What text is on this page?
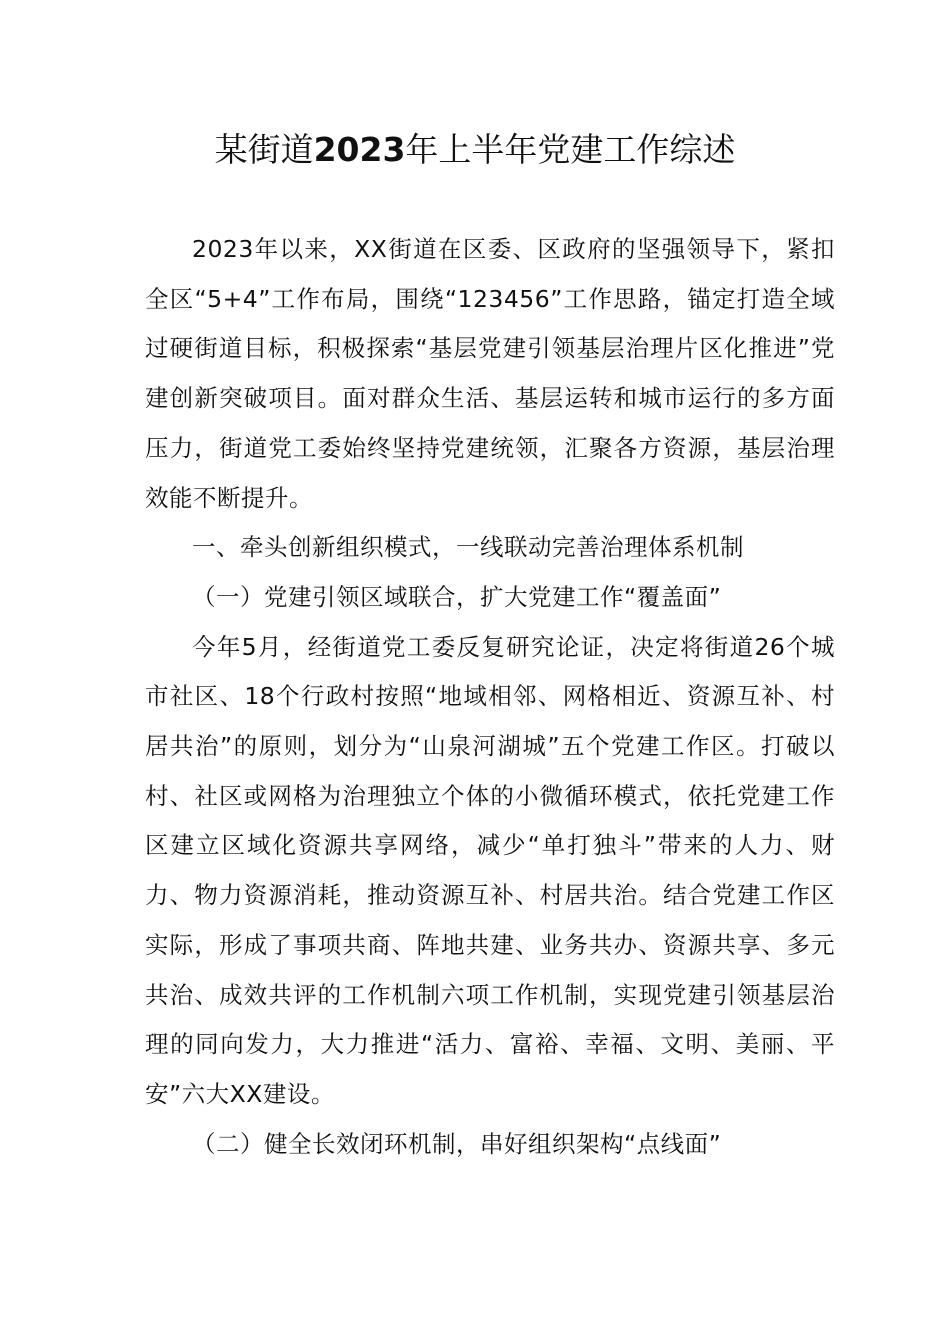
某街道2023年上半年党建工作综述

2023年以来，XX街道在区委、区政府的坚强领导下，紧扣全区“5+4”工作布局，围绕“123456”工作思路，锚定打造全域过硬街道目标，积极探索“基层党建引领基层治理片区化推进”党建创新突破项目。面对群众生活、基层运转和城市运行的多方面压力，街道党工委始终坚持党建统领，汇聚各方资源，基层治理效能不断提升。

一、牵头创新组织模式，一线联动完善治理体系机制

（一）党建引领区域联合，扩大党建工作“覆盖面”

今年5月，经街道党工委反复研究论证，决定将街道26个城市社区、18个行政村按照“地域相邻、网格相近、资源互补、村居共治”的原则，划分为“山泉河湖城”五个党建工作区。打破以村、社区或网格为治理独立个体的小微循环模式，依托党建工作区建立区域化资源共享网络，减少“单打独斗”带来的人力、财力、物力资源消耗，推动资源互补、村居共治。结合党建工作区实际，形成了事项共商、阵地共建、业务共办、资源共享、多元共治、成效共评的工作机制六项工作机制，实现党建引领基层治理的同向发力，大力推进“活力、富裕、幸福、文明、美丽、平安”六大XX建设。

（二）健全长效闭环机制，串好组织架构“点线面”
